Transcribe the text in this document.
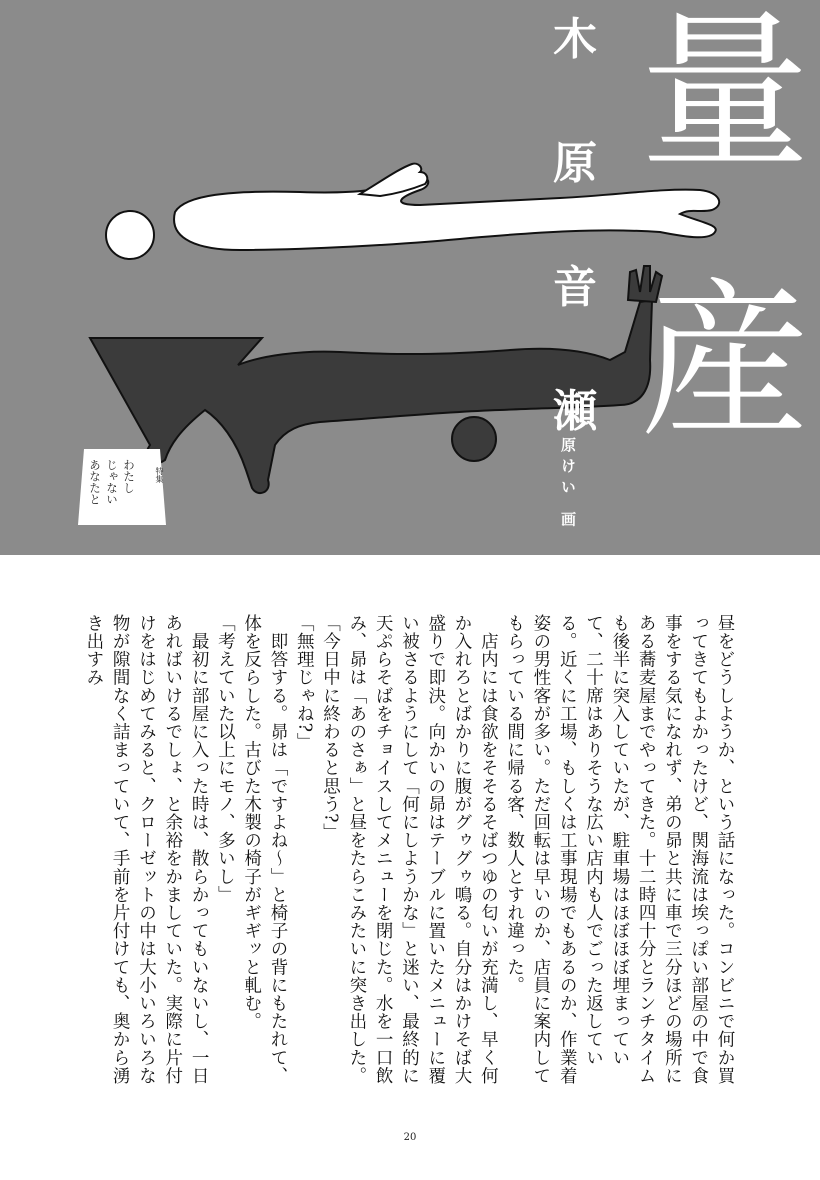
量
産
木
原
音
瀬
原けい 画
わたし
じゃない
あなたと	特集

昼をどうしようか、という話になった。コンビニで何か買ってきてもよかったけど、関海流は埃っぽい部屋の中で食事をする気になれず、弟の昴と共に車で三分ほどの場所にある蕎麦屋までやってきた。十二時四十分とランチタイムも後半に突入していたが、駐車場はほぼほぼ埋まっていて、二十席はありそうな広い店内も人でごった返している。近くに工場、もしくは工事現場でもあるのか、作業着姿の男性客が多い。ただ回転は早いのか、店員に案内してもらっている間に帰る客、数人とすれ違った。

　店内には食欲をそそるそばつゆの匂いが充満し、早く何か入れろとばかりに腹がグゥグゥ鳴る。自分はかけそば大盛りで即決。向かいの昴はテーブルに置いたメニューに覆い被さるようにして「何にしようかな」と迷い、最終的に天ぷらそばをチョイスしてメニューを閉じた。水を一口飲み、昴は「あのさぁ」と昼をたらこみたいに突き出した。

「今日中に終わると思う?」

「無理じゃね?」

　即答する。昴は「ですよね～」と椅子の背にもたれて、体を反らした。古びた木製の椅子がギギッと軋む。

「考えていた以上にモノ、多いし」

　最初に部屋に入った時は、散らかってもいないし、一日あればいけるでしょ、と余裕をかましていた。実際に片付けをはじめてみると、クローゼットの中は大小いろいろな物が隙間なく詰まっていて、手前を片付けても、奥から湧き出すみ

20
